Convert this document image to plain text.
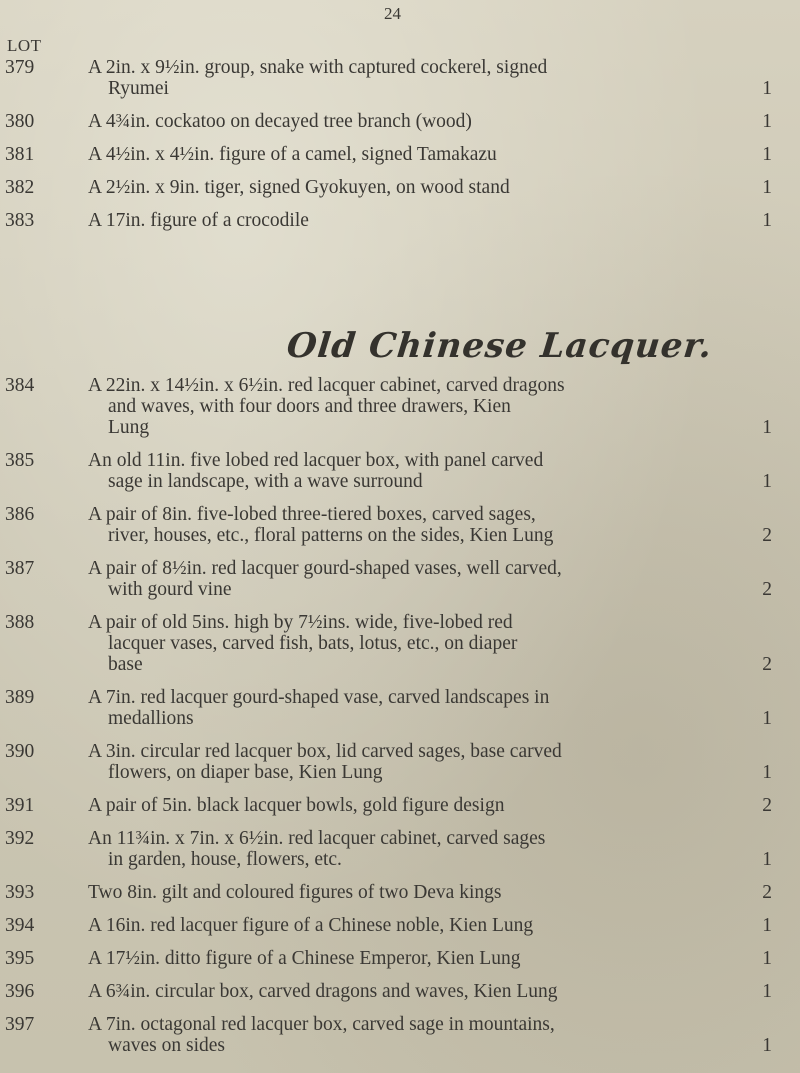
24
LOT
Old Chinese Lacquer.
379	A 2in. x 9½in. group, snake with captured cockerel, signed
Ryumei	1
380	A 4¾in. cockatoo on decayed tree branch (wood)	1
381	A 4½in. x 4½in. figure of a camel, signed Tamakazu	1
382	A 2½in. x 9in. tiger, signed Gyokuyen, on wood stand	1
383	A 17in. figure of a crocodile	1
384	A 22in. x 14½in. x 6½in. red lacquer cabinet, carved dragons
and waves, with four doors and three drawers, Kien
Lung	1
385	An old 11in. five lobed red lacquer box, with panel carved
sage in landscape, with a wave surround	1
386	A pair of 8in. five-lobed three-tiered boxes, carved sages,
river, houses, etc., floral patterns on the sides, Kien Lung	2
387	A pair of 8½in. red lacquer gourd-shaped vases, well carved,
with gourd vine	2
388	A pair of old 5ins. high by 7½ins. wide, five-lobed red
lacquer vases, carved fish, bats, lotus, etc., on diaper
base	2
389	A 7in. red lacquer gourd-shaped vase, carved landscapes in
medallions	1
390	A 3in. circular red lacquer box, lid carved sages, base carved
flowers, on diaper base, Kien Lung	1
391	A pair of 5in. black lacquer bowls, gold figure design	2
392	An 11¾in. x 7in. x 6½in. red lacquer cabinet, carved sages
in garden, house, flowers, etc.	1
393	Two 8in. gilt and coloured figures of two Deva kings	2
394	A 16in. red lacquer figure of a Chinese noble, Kien Lung	1
395	A 17½in. ditto figure of a Chinese Emperor, Kien Lung	1
396	A 6¾in. circular box, carved dragons and waves, Kien Lung	1
397	A 7in. octagonal red lacquer box, carved sage in mountains,
waves on sides	1
